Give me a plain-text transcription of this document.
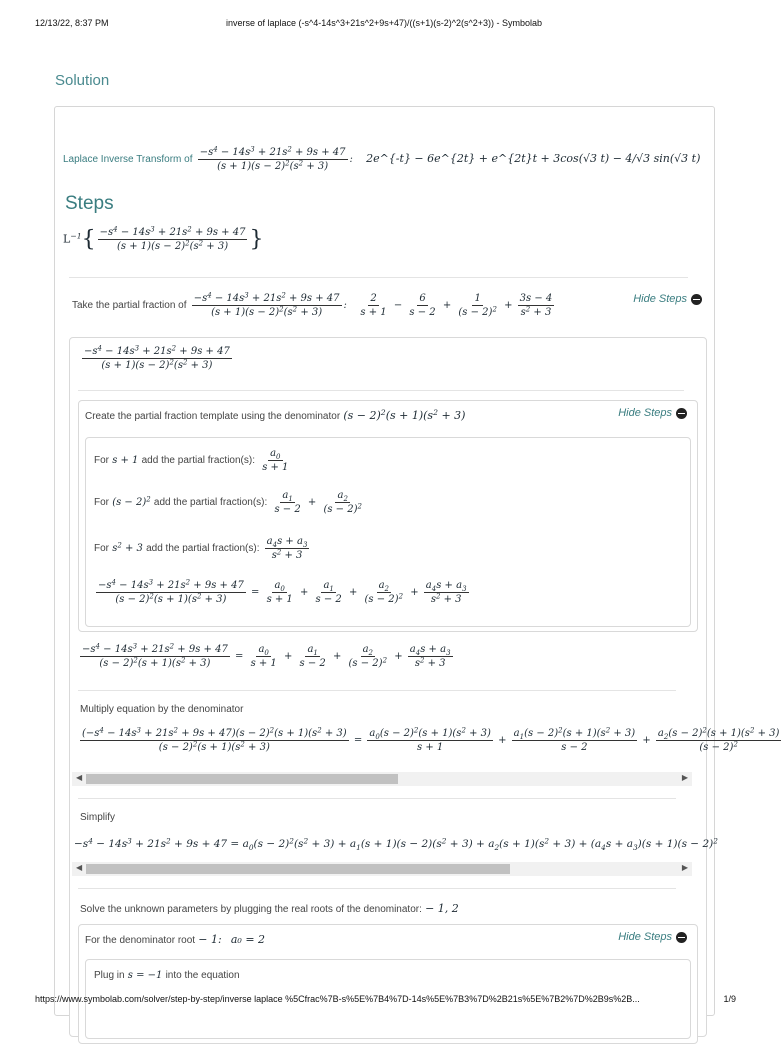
12/13/22, 8:37 PM	inverse of laplace (-s^4-14s^3+21s^2+9s+47)/((s+1)(s-2)^2(s^2+3)) - Symbolab
Solution
Laplace Inverse Transform of $\frac{-s^4 - 14s^3 + 21s^2 + 9s + 47}{(s + 1)(s - 2)^2(s^2 + 3)}$ : 2e^{-t} − 6e^{2t} + e^{2t}t + 3cos(√3 t) − 4/√3 sin(√3 t)
Steps
$L^{-1}\{ \frac{-s^4 - 14s^3 + 21s^2 + 9s + 47}{(s + 1)(s - 2)^2(s^2 + 3)}$ }
Take the partial fraction of $\frac{-s^4 - 14s^3 + 21s^2 + 9s + 47}{(s + 1)(s - 2)^2(s^2 + 3)}$ : $\frac{2}{s + 1} - \frac{6}{s - 2} + \frac{1}{(s - 2)^2} + \frac{3s - 4}{s^2 + 3}$	Hide Steps
$\frac{-s^4 - 14s^3 + 21s^2 + 9s + 47}{(s + 1)(s - 2)^2(s^2 + 3)}$
Create the partial fraction template using the denominator $(s - 2)^2(s + 1)(s^2 + 3)$	Hide Steps
For s + 1 add the partial fraction(s): $\frac{a_0}{s + 1}$
For $(s - 2)^2$ add the partial fraction(s): $\frac{a_1}{s - 2} + \frac{a_2}{(s - 2)^2}$
For $s^2 + 3$ add the partial fraction(s): $\frac{a_4s + a_3}{s^2 + 3}$
$\frac{-s^4 - 14s^3 + 21s^2 + 9s + 47}{(s - 2)^2(s + 1)(s^2 + 3)} = \frac{a_0}{s + 1} + \frac{a_1}{s - 2} + \frac{a_2}{(s - 2)^2} + \frac{a_4s + a_3}{s^2 + 3}$
$\frac{-s^4 - 14s^3 + 21s^2 + 9s + 47}{(s - 2)^2(s + 1)(s^2 + 3)} = \frac{a_0}{s + 1} + \frac{a_1}{s - 2} + \frac{a_2}{(s - 2)^2} + \frac{a_4s + a_3}{s^2 + 3}$
Multiply equation by the denominator
$\frac{(-s^4 - 14s^3 + 21s^2 + 9s + 47)(s - 2)^2(s + 1)(s^2 + 3)}{(s - 2)^2(s + 1)(s^2 + 3)} = \frac{a_0(s - 2)^2(s + 1)(s^2 + 3)}{s + 1} + \frac{a_1(s - 2)^2(s + 1)(s^2 + 3)}{s - 2} + \frac{a_2(s - 2)^2(s + 1)(s^2 + 3)}{(s - 2)^2}$
◀	▶
Simplify
$-s^4 - 14s^3 + 21s^2 + 9s + 47 = a_0(s - 2)^2(s^2 + 3) + a_1(s + 1)(s - 2)(s^2 + 3) + a_2(s + 1)(s^2 + 3) + (a_4s + a_3)(s + 1)(s - 2)^2$
◀	▶
Solve the unknown parameters by plugging the real roots of the denominator: − 1, 2
For the denominator root − 1: a₀ = 2	Hide Steps
Plug in s = −1 into the equation
https://www.symbolab.com/solver/step-by-step/inverse laplace %5Cfrac%7B-s%5E%7B4%7D-14s%5E%7B3%7D%2B21s%5E%7B2%7D%2B9s%2B...	1/9
